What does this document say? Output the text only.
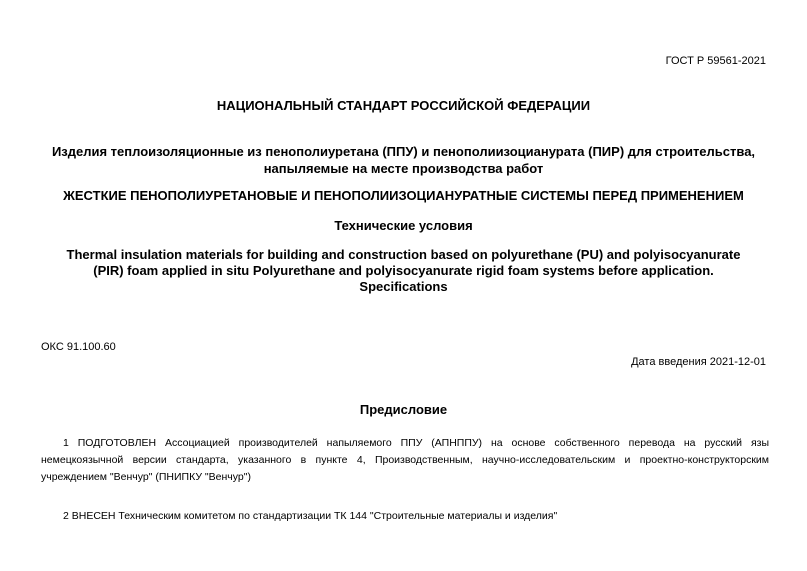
ГОСТ Р 59561-2021
НАЦИОНАЛЬНЫЙ СТАНДАРТ РОССИЙСКОЙ ФЕДЕРАЦИИ
Изделия теплоизоляционные из пенополиуретана (ППУ) и пенополиизоцианурата (ПИР) для строительства,
напыляемые на месте производства работ
ЖЕСТКИЕ ПЕНОПОЛИУРЕТАНОВЫЕ И ПЕНОПОЛИИЗОЦИАНУРАТНЫЕ СИСТЕМЫ ПЕРЕД ПРИМЕНЕНИЕМ
Технические условия
Thermal insulation materials for building and construction based on polyurethane (PU) and polyisocyanurate
(PIR) foam applied in situ Polyurethane and polyisocyanurate rigid foam systems before application.
Specifications
ОКС 91.100.60
Дата введения 2021-12-01
Предисловие
1 ПОДГОТОВЛЕН Ассоциацией производителей напыляемого ППУ (АПНППУ) на основе собственного перевода на русский язы немецкоязычной версии стандарта, указанного в пункте 4, Производственным, научно-исследовательским и проектно-конструкторским учреждением "Венчур" (ПНИПКУ "Венчур")
2 ВНЕСЕН Техническим комитетом по стандартизации ТК 144 "Строительные материалы и изделия"
